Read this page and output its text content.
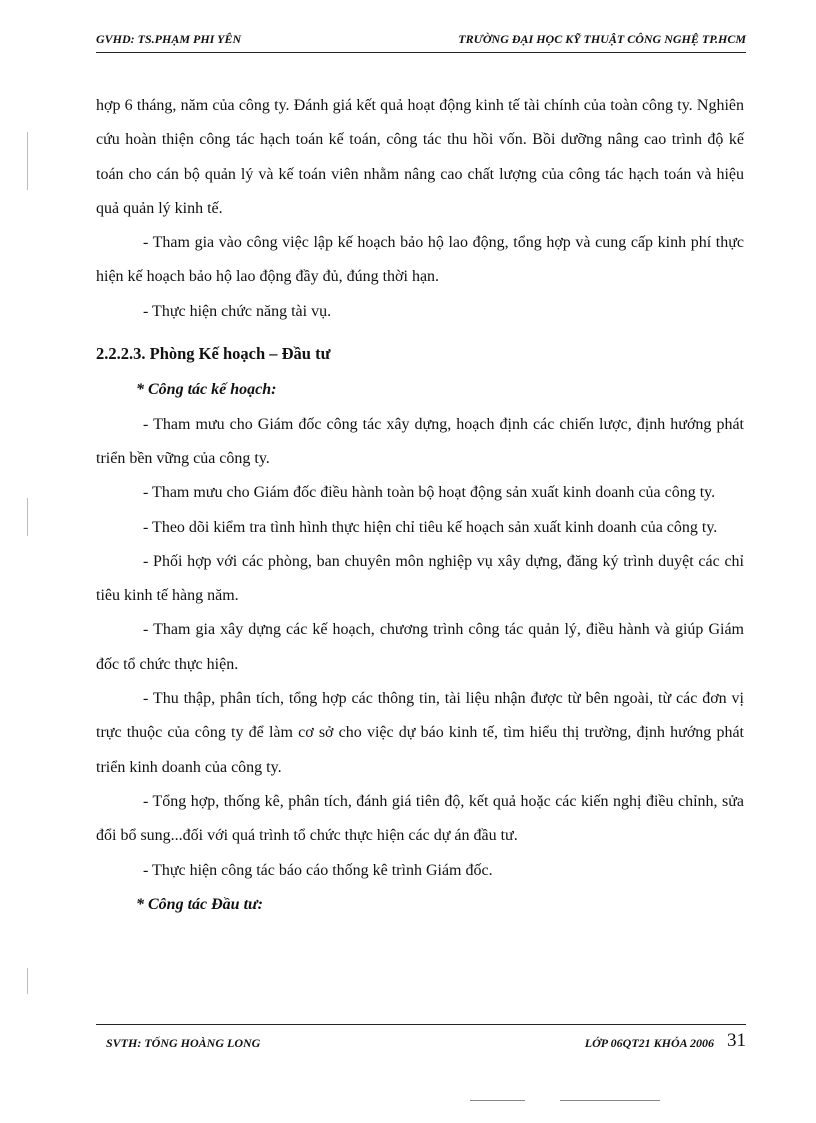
GVHD: TS.PHẠM PHI YÊN	TRƯỜNG ĐẠI HỌC KỸ THUẬT CÔNG NGHỆ TP.HCM

hợp 6 tháng, năm của công ty. Đánh giá kết quả hoạt động kinh tế tài chính của toàn công ty. Nghiên cứu hoàn thiện công tác hạch toán kế toán, công tác thu hồi vốn. Bồi dưỡng nâng cao trình độ kế toán cho cán bộ quản lý và kế toán viên nhằm nâng cao chất lượng của công tác hạch toán và hiệu quả quản lý kinh tế.

- Tham gia vào công việc lập kế hoạch bảo hộ lao động, tổng hợp và cung cấp kinh phí thực hiện kế hoạch bảo hộ lao động đầy đủ, đúng thời hạn.

- Thực hiện chức năng tài vụ.

2.2.2.3. Phòng Kế hoạch – Đầu tư

* Công tác kế hoạch:

- Tham mưu cho Giám đốc công tác xây dựng, hoạch định các chiến lược, định hướng phát triển bền vững của công ty.

- Tham mưu cho Giám đốc điều hành toàn bộ hoạt động sản xuất kinh doanh của công ty.

- Theo dõi kiểm tra tình hình thực hiện chỉ tiêu kế hoạch sản xuất kinh doanh của công ty.

- Phối hợp với các phòng, ban chuyên môn nghiệp vụ xây dựng, đăng ký trình duyệt các chỉ tiêu kinh tế hàng năm.

- Tham gia xây dựng các kế hoạch, chương trình công tác quản lý, điều hành và giúp Giám đốc tổ chức thực hiện.

- Thu thập, phân tích, tổng hợp các thông tin, tài liệu nhận được từ bên ngoài, từ các đơn vị trực thuộc của công ty để làm cơ sở cho việc dự báo kinh tế, tìm hiểu thị trường, định hướng phát triển kinh doanh của công ty.

- Tổng hợp, thống kê, phân tích, đánh giá tiên độ, kết quả hoặc các kiến nghị điều chỉnh, sửa đổi bổ sung...đối với quá trình tổ chức thực hiện các dự án đầu tư.

- Thực hiện công tác báo cáo thống kê trình Giám đốc.

* Công tác Đầu tư:

SVTH: TỐNG HOÀNG LONG	LỚP 06QT21 KHÓA 2006 31
